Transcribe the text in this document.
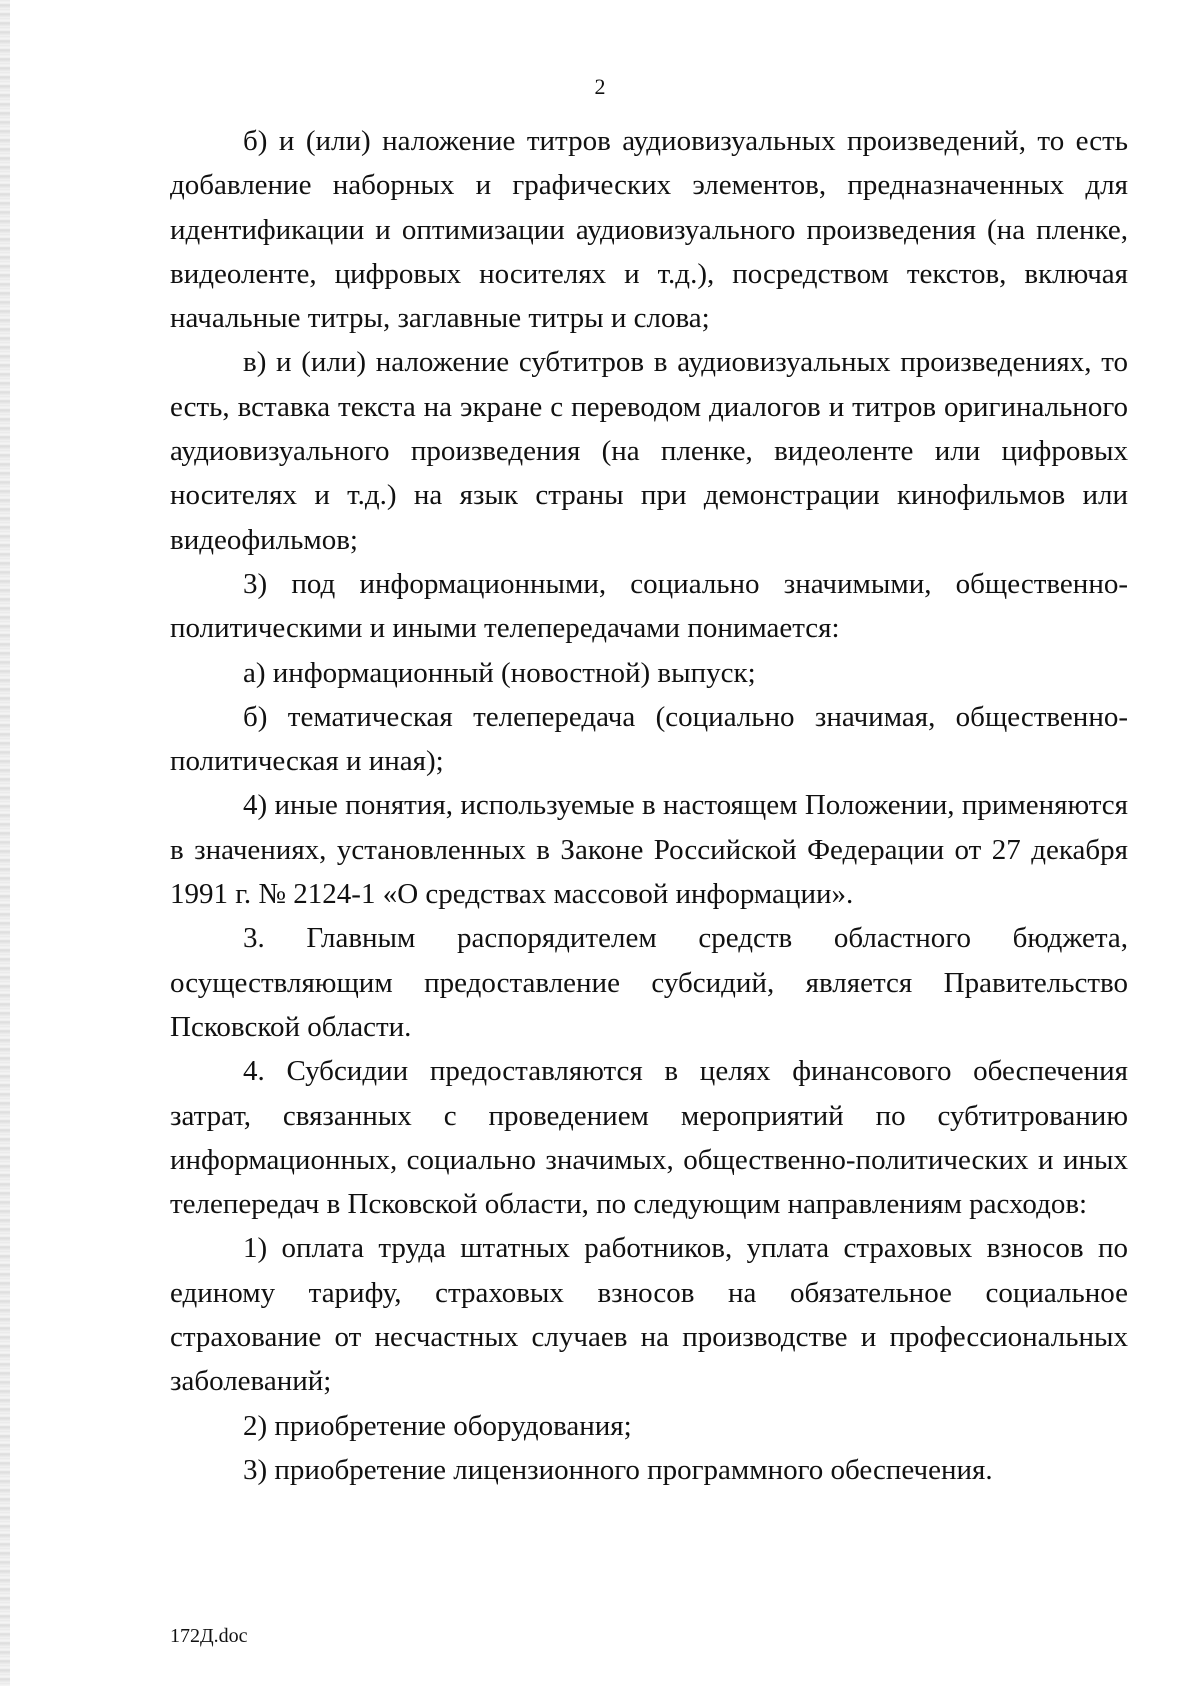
2

б) и (или) наложение титров аудиовизуальных произведений, то есть добавление наборных и графических элементов, предназначенных для идентификации и оптимизации аудиовизуального произведения (на пленке, видеоленте, цифровых носителях и т.д.), посредством текстов, включая начальные титры, заглавные титры и слова;

в) и (или) наложение субтитров в аудиовизуальных произведениях, то есть, вставка текста на экране с переводом диалогов и титров оригинального аудиовизуального произведения (на пленке, видеоленте или цифровых носителях и т.д.) на язык страны при демонстрации кинофильмов или видеофильмов;

3) под информационными, социально значимыми, общественно-политическими и иными телепередачами понимается:

а) информационный (новостной) выпуск;

б) тематическая телепередача (социально значимая, общественно-политическая и иная);

4) иные понятия, используемые в настоящем Положении, применяются в значениях, установленных в Законе Российской Федерации от 27 декабря 1991 г. № 2124-1 «О средствах массовой информации».

3. Главным распорядителем средств областного бюджета, осуществляющим предоставление субсидий, является Правительство Псковской области.

4. Субсидии предоставляются в целях финансового обеспечения затрат, связанных с проведением мероприятий по субтитрованию информационных, социально значимых, общественно-политических и иных телепередач в Псковской области, по следующим направлениям расходов:

1) оплата труда штатных работников, уплата страховых взносов по единому тарифу, страховых взносов на обязательное социальное страхование от несчастных случаев на производстве и профессиональных заболеваний;

2) приобретение оборудования;

3) приобретение лицензионного программного обеспечения.

172Д.doc
